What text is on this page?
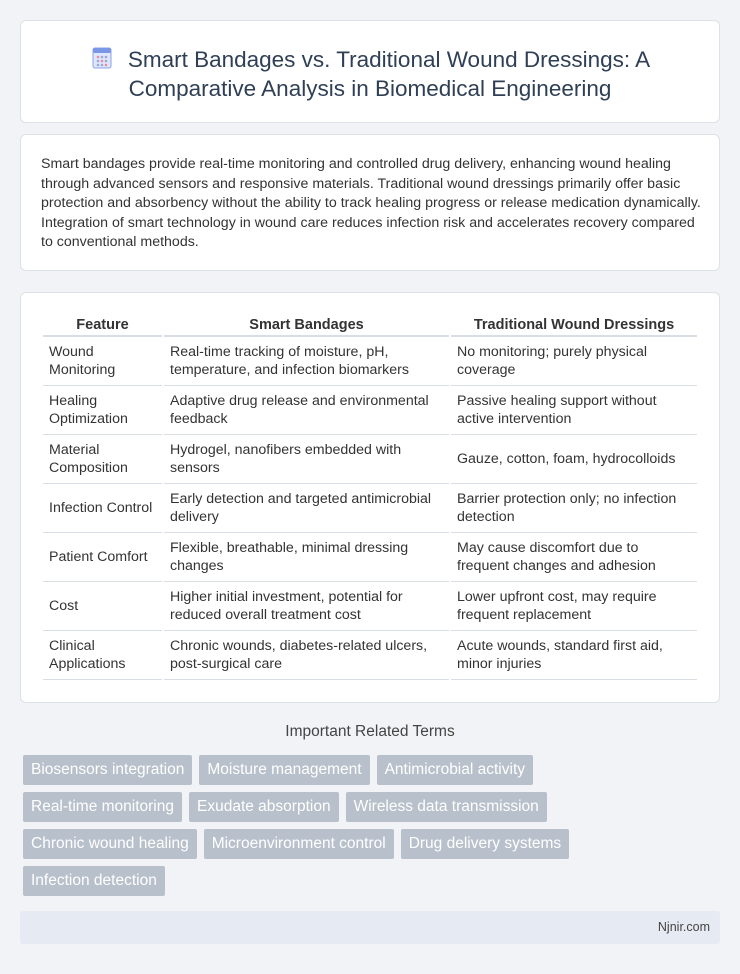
Smart Bandages vs. Traditional Wound Dressings: A
Comparative Analysis in Biomedical Engineering

Smart bandages provide real-time monitoring and controlled drug delivery, enhancing wound healing through advanced sensors and responsive materials. Traditional wound dressings primarily offer basic protection and absorbency without the ability to track healing progress or release medication dynamically. Integration of smart technology in wound care reduces infection risk and accelerates recovery compared to conventional methods.

Feature	Smart Bandages	Traditional Wound Dressings
Wound Monitoring	Real-time tracking of moisture, pH, temperature, and infection biomarkers	No monitoring; purely physical coverage
Healing Optimization	Adaptive drug release and environmental feedback	Passive healing support without active intervention
Material Composition	Hydrogel, nanofibers embedded with sensors	Gauze, cotton, foam, hydrocolloids
Infection Control	Early detection and targeted antimicrobial delivery	Barrier protection only; no infection detection
Patient Comfort	Flexible, breathable, minimal dressing changes	May cause discomfort due to frequent changes and adhesion
Cost	Higher initial investment, potential for reduced overall treatment cost	Lower upfront cost, may require frequent replacement
Clinical Applications	Chronic wounds, diabetes-related ulcers, post-surgical care	Acute wounds, standard first aid, minor injuries
Important Related Terms
Biosensors integration	Moisture management	Antimicrobial activity
Real-time monitoring	Exudate absorption	Wireless data transmission
Chronic wound healing	Microenvironment control	Drug delivery systems
Infection detection
Njnir.com
